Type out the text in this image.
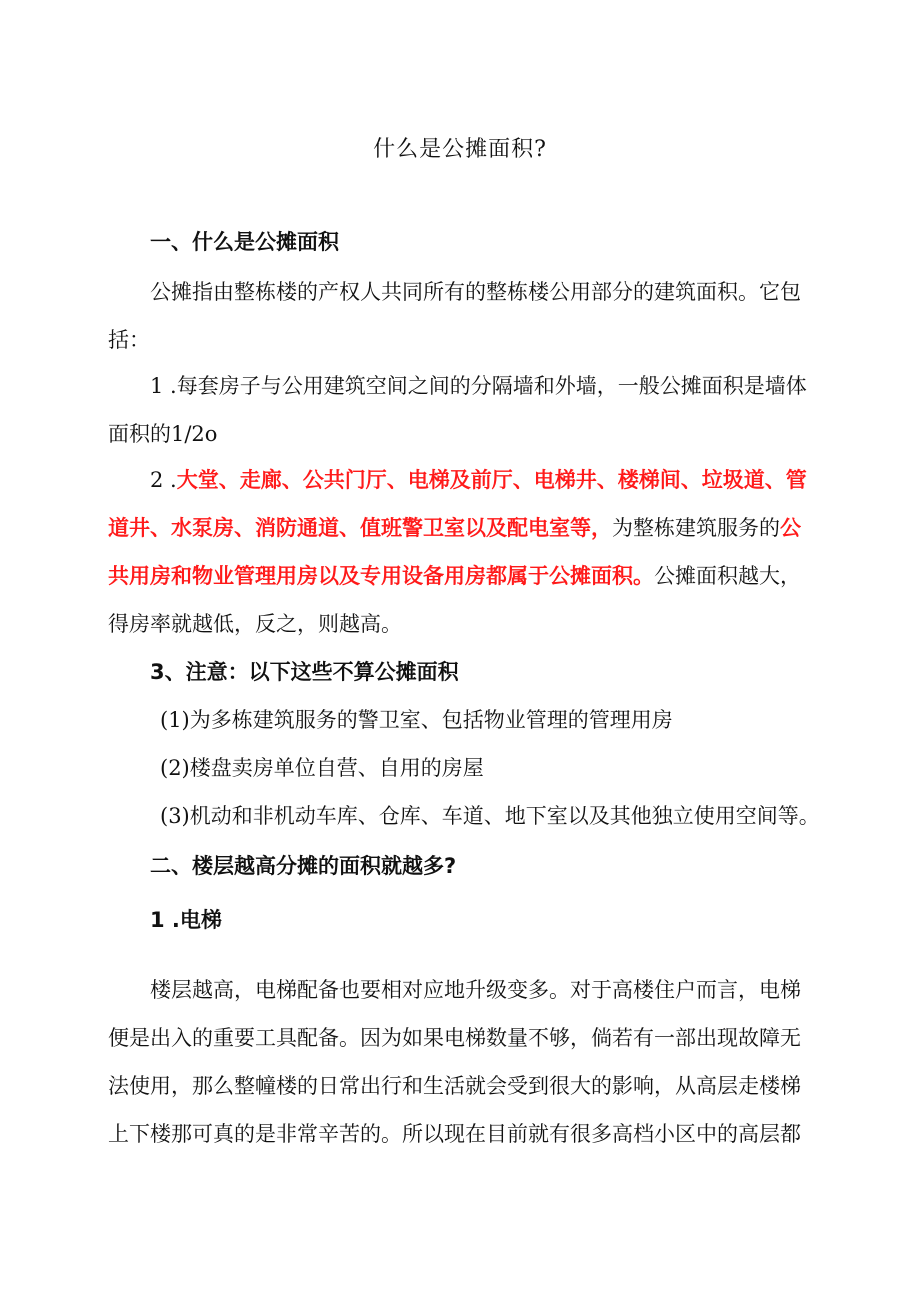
什么是公摊面积?

一、什么是公摊面积

公摊指由整栋楼的产权人共同所有的整栋楼公用部分的建筑面积。它包括：

1 .每套房子与公用建筑空间之间的分隔墙和外墙，一般公摊面积是墙体面积的1/2o

2 .大堂、走廊、公共门厅、电梯及前厅、电梯井、楼梯间、垃圾道、管道井、水泵房、消防通道、值班警卫室以及配电室等，为整栋建筑服务的公共用房和物业管理用房以及专用设备用房都属于公摊面积。公摊面积越大，得房率就越低，反之，则越高。

3、注意：以下这些不算公摊面积

(1)为多栋建筑服务的警卫室、包括物业管理的管理用房

(2)楼盘卖房单位自营、自用的房屋

(3)机动和非机动车库、仓库、车道、地下室以及其他独立使用空间等。

二、楼层越高分摊的面积就越多?

1 .电梯

楼层越高，电梯配备也要相对应地升级变多。对于高楼住户而言，电梯便是出入的重要工具配备。因为如果电梯数量不够，倘若有一部出现故障无法使用，那么整幢楼的日常出行和生活就会受到很大的影响，从高层走楼梯上下楼那可真的是非常辛苦的。所以现在目前就有很多高档小区中的高层都
